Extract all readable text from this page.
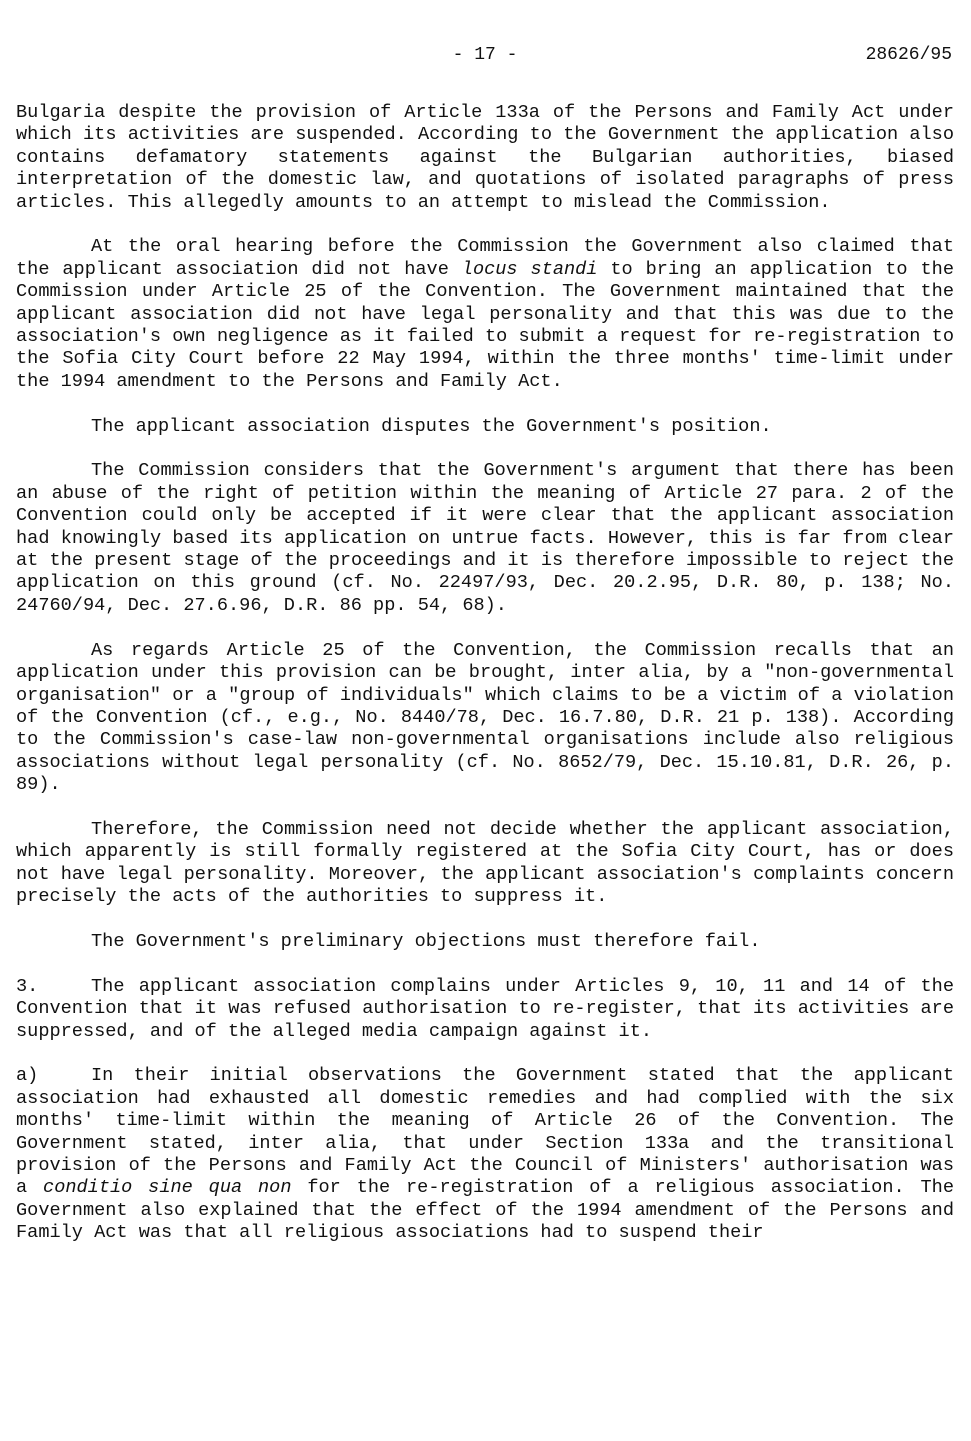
- 17 -	28626/95

Bulgaria despite the provision of Article 133a of the Persons and Family Act under which its activities are suspended. According to the Government the application also contains defamatory statements against the Bulgarian authorities, biased interpretation of the domestic law, and quotations of isolated paragraphs of press articles. This allegedly amounts to an attempt to mislead the Commission.

At the oral hearing before the Commission the Government also claimed that the applicant association did not have locus standi to bring an application to the Commission under Article 25 of the Convention. The Government maintained that the applicant association did not have legal personality and that this was due to the association's own negligence as it failed to submit a request for re-registration to the Sofia City Court before 22 May 1994, within the three months' time-limit under the 1994 amendment to the Persons and Family Act.

The applicant association disputes the Government's position.

The Commission considers that the Government's argument that there has been an abuse of the right of petition within the meaning of Article 27 para. 2 of the Convention could only be accepted if it were clear that the applicant association had knowingly based its application on untrue facts. However, this is far from clear at the present stage of the proceedings and it is therefore impossible to reject the application on this ground (cf. No. 22497/93, Dec. 20.2.95, D.R. 80, p. 138; No. 24760/94, Dec. 27.6.96, D.R. 86 pp. 54, 68).

As regards Article 25 of the Convention, the Commission recalls that an application under this provision can be brought, inter alia, by a "non-governmental organisation" or a "group of individuals" which claims to be a victim of a violation of the Convention (cf., e.g., No. 8440/78, Dec. 16.7.80, D.R. 21 p. 138). According to the Commission's case-law non-governmental organisations include also religious associations without legal personality (cf. No. 8652/79, Dec. 15.10.81, D.R. 26, p. 89).

Therefore, the Commission need not decide whether the applicant association, which apparently is still formally registered at the Sofia City Court, has or does not have legal personality. Moreover, the applicant association's complaints concern precisely the acts of the authorities to suppress it.

The Government's preliminary objections must therefore fail.

3.	The applicant association complains under Articles 9, 10, 11 and 14 of the Convention that it was refused authorisation to re-register, that its activities are suppressed, and of the alleged media campaign against it.

a)	In their initial observations the Government stated that the applicant association had exhausted all domestic remedies and had complied with the six months' time-limit within the meaning of Article 26 of the Convention. The Government stated, inter alia, that under Section 133a and the transitional provision of the Persons and Family Act the Council of Ministers' authorisation was a conditio sine qua non for the re-registration of a religious association. The Government also explained that the effect of the 1994 amendment of the Persons and Family Act was that all religious associations had to suspend their
